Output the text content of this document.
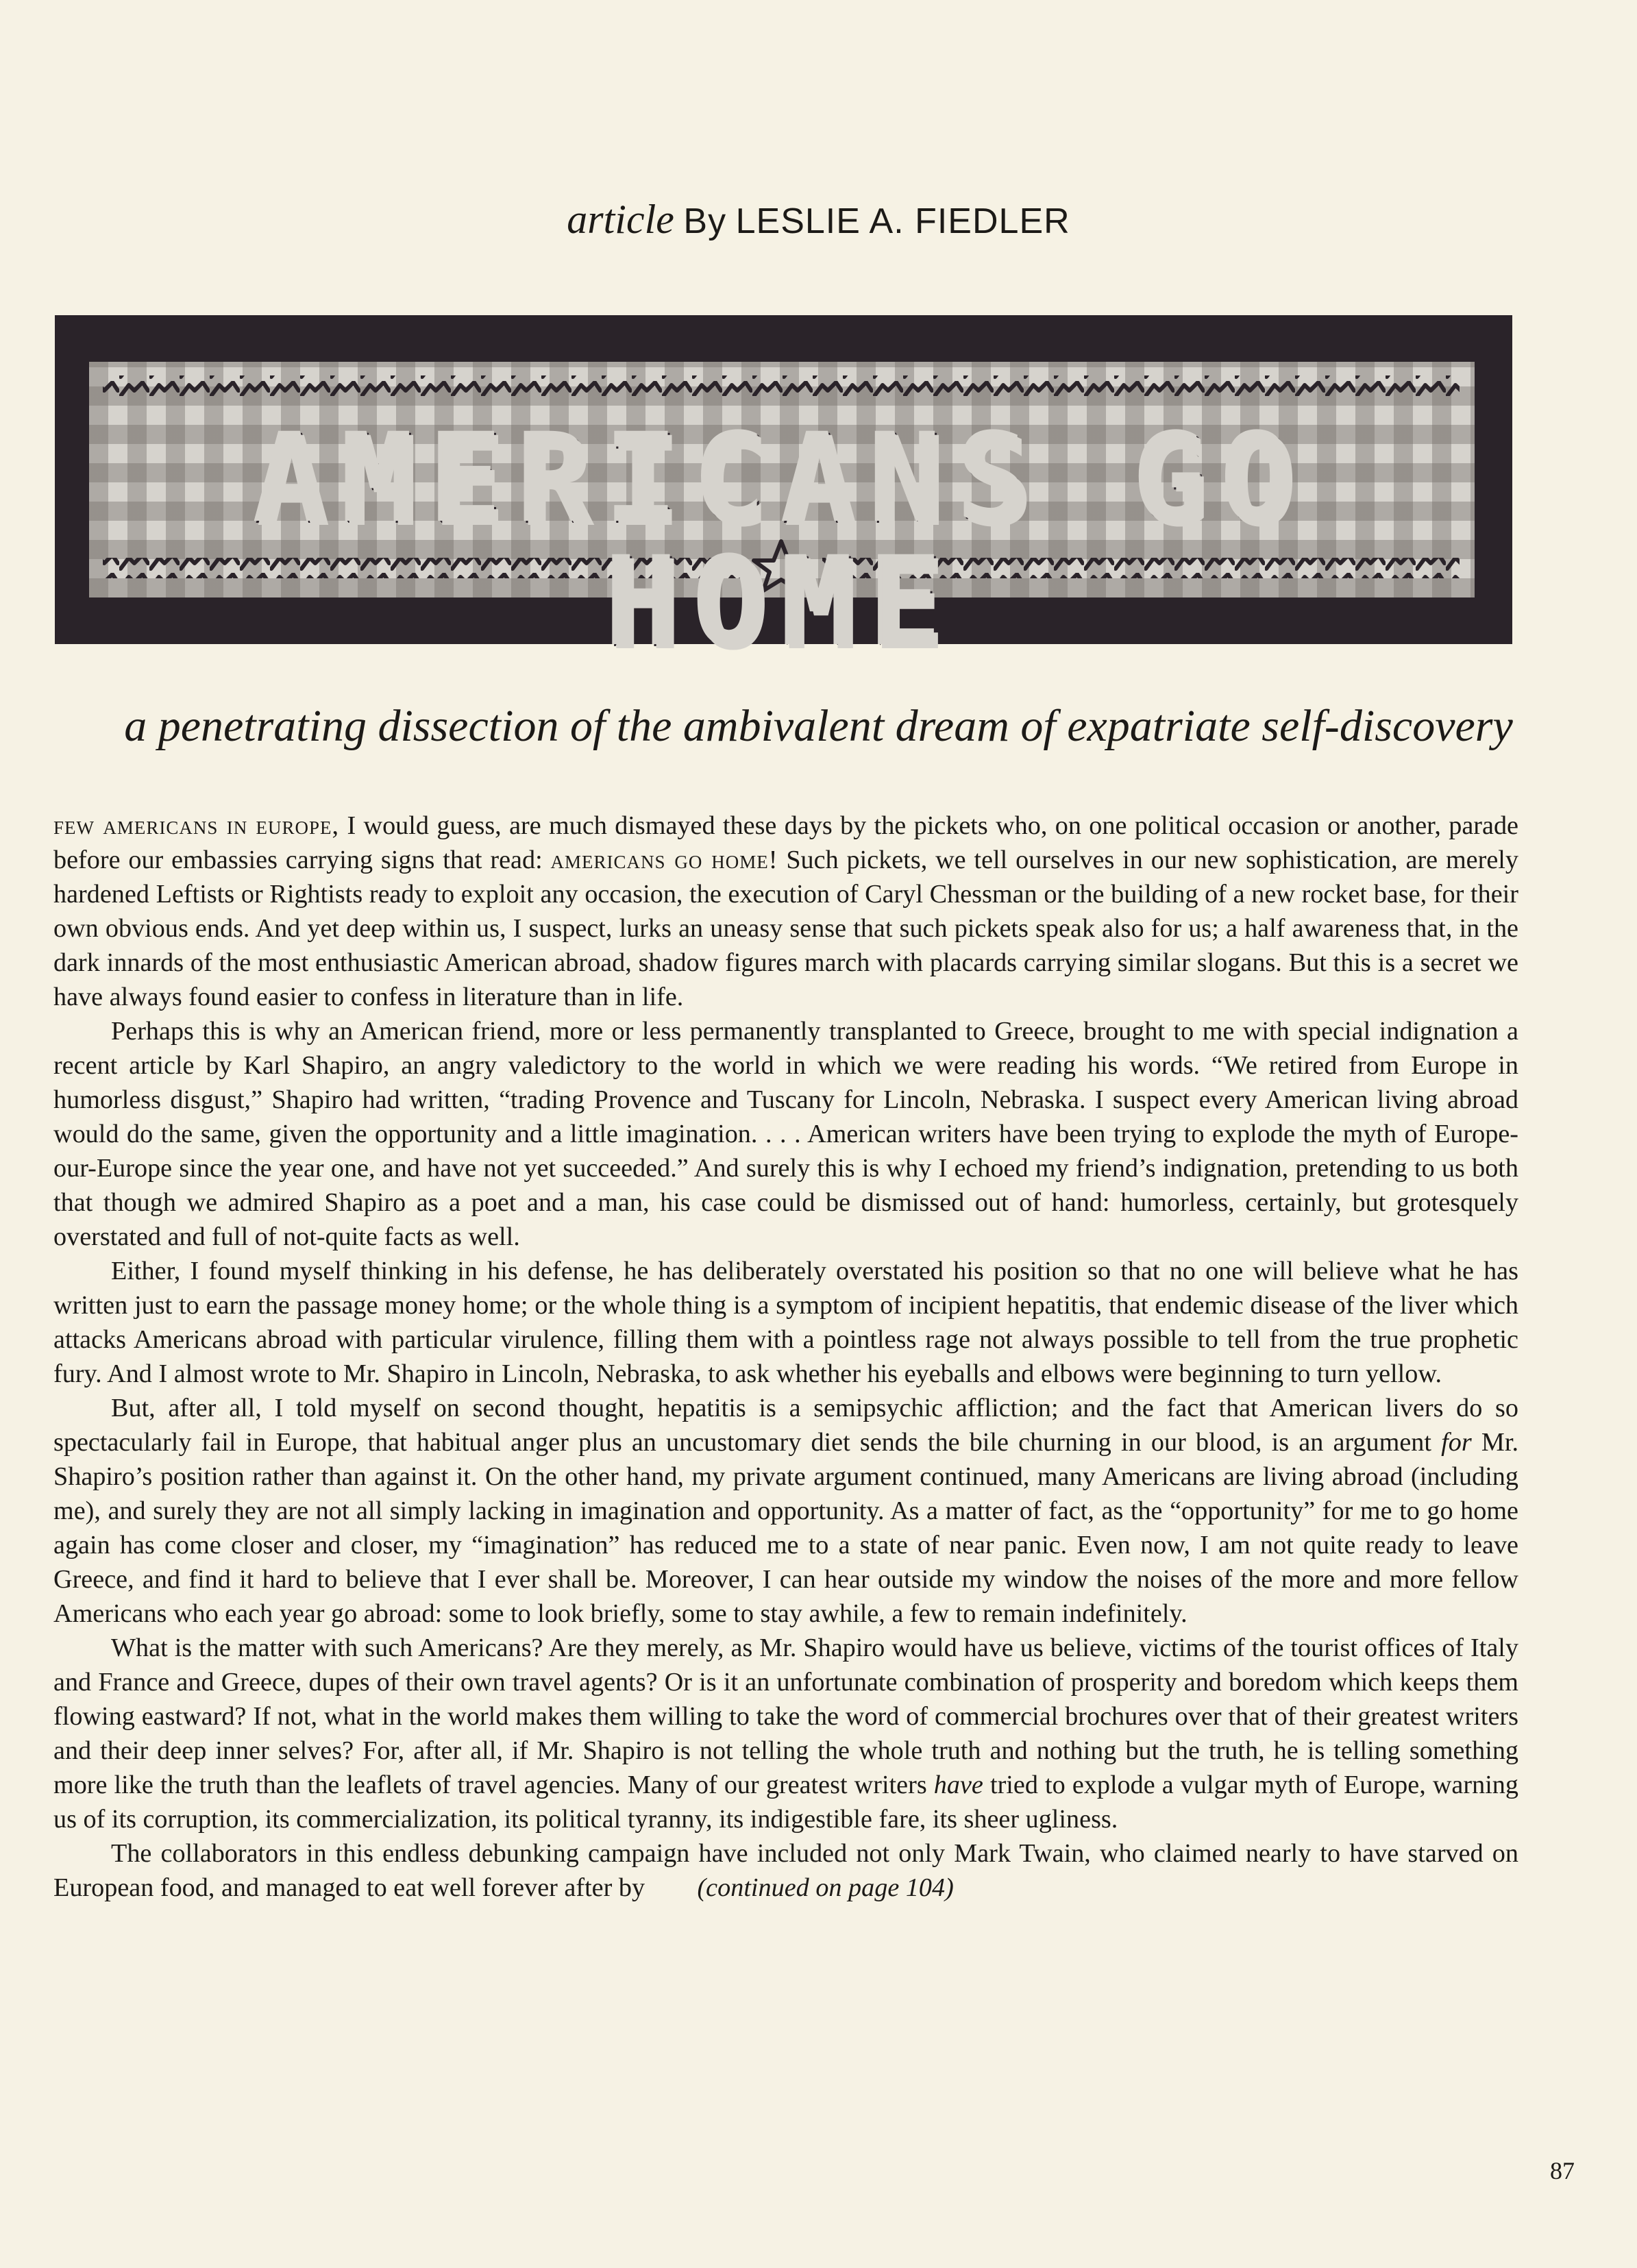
article By LESLIE A. FIEDLER
AMERICANS GO HOME
a penetrating dissection of the ambivalent dream of expatriate self-discovery

few americans in europe, I would guess, are much dismayed these days by the pickets who, on one political occasion or another, parade before our embassies carrying signs that read: americans go home! Such pickets, we tell ourselves in our new sophistication, are merely hardened Leftists or Rightists ready to exploit any occasion, the execution of Caryl Chessman or the building of a new rocket base, for their own obvious ends. And yet deep within us, I suspect, lurks an uneasy sense that such pickets speak also for us; a half awareness that, in the dark innards of the most enthusiastic American abroad, shadow figures march with placards carrying similar slogans. But this is a secret we have always found easier to confess in literature than in life.

Perhaps this is why an American friend, more or less permanently transplanted to Greece, brought to me with special indignation a recent article by Karl Shapiro, an angry valedictory to the world in which we were reading his words. “We retired from Europe in humorless disgust,” Shapiro had written, “trading Provence and Tuscany for Lincoln, Nebraska. I suspect every American living abroad would do the same, given the opportunity and a little imagination. . . . American writers have been trying to explode the myth of Europe-our-Europe since the year one, and have not yet succeeded.” And surely this is why I echoed my friend’s indignation, pretending to us both that though we admired Shapiro as a poet and a man, his case could be dismissed out of hand: humorless, certainly, but grotesquely overstated and full of not-quite facts as well.

Either, I found myself thinking in his defense, he has deliberately overstated his position so that no one will believe what he has written just to earn the passage money home; or the whole thing is a symptom of incipient hepatitis, that endemic disease of the liver which attacks Americans abroad with particular virulence, filling them with a pointless rage not always possible to tell from the true prophetic fury. And I almost wrote to Mr. Shapiro in Lincoln, Nebraska, to ask whether his eyeballs and elbows were beginning to turn yellow.

But, after all, I told myself on second thought, hepatitis is a semipsychic affliction; and the fact that American livers do so spectacularly fail in Europe, that habitual anger plus an uncustomary diet sends the bile churning in our blood, is an argument for Mr. Shapiro’s position rather than against it. On the other hand, my private argument continued, many Americans are living abroad (including me), and surely they are not all simply lacking in imagination and opportunity. As a matter of fact, as the “opportunity” for me to go home again has come closer and closer, my “imagination” has reduced me to a state of near panic. Even now, I am not quite ready to leave Greece, and find it hard to believe that I ever shall be. Moreover, I can hear outside my window the noises of the more and more fellow Americans who each year go abroad: some to look briefly, some to stay awhile, a few to remain indefinitely.

What is the matter with such Americans? Are they merely, as Mr. Shapiro would have us believe, victims of the tourist offices of Italy and France and Greece, dupes of their own travel agents? Or is it an unfortunate combination of prosperity and boredom which keeps them flowing eastward? If not, what in the world makes them willing to take the word of commercial brochures over that of their greatest writers and their deep inner selves? For, after all, if Mr. Shapiro is not telling the whole truth and nothing but the truth, he is telling something more like the truth than the leaflets of travel agencies. Many of our greatest writers have tried to explode a vulgar myth of Europe, warning us of its corruption, its commercialization, its political tyranny, its indigestible fare, its sheer ugliness.

The collaborators in this endless debunking campaign have included not only Mark Twain, who claimed nearly to have starved on European food, and managed to eat well forever after by   (continued on page 104)

87
